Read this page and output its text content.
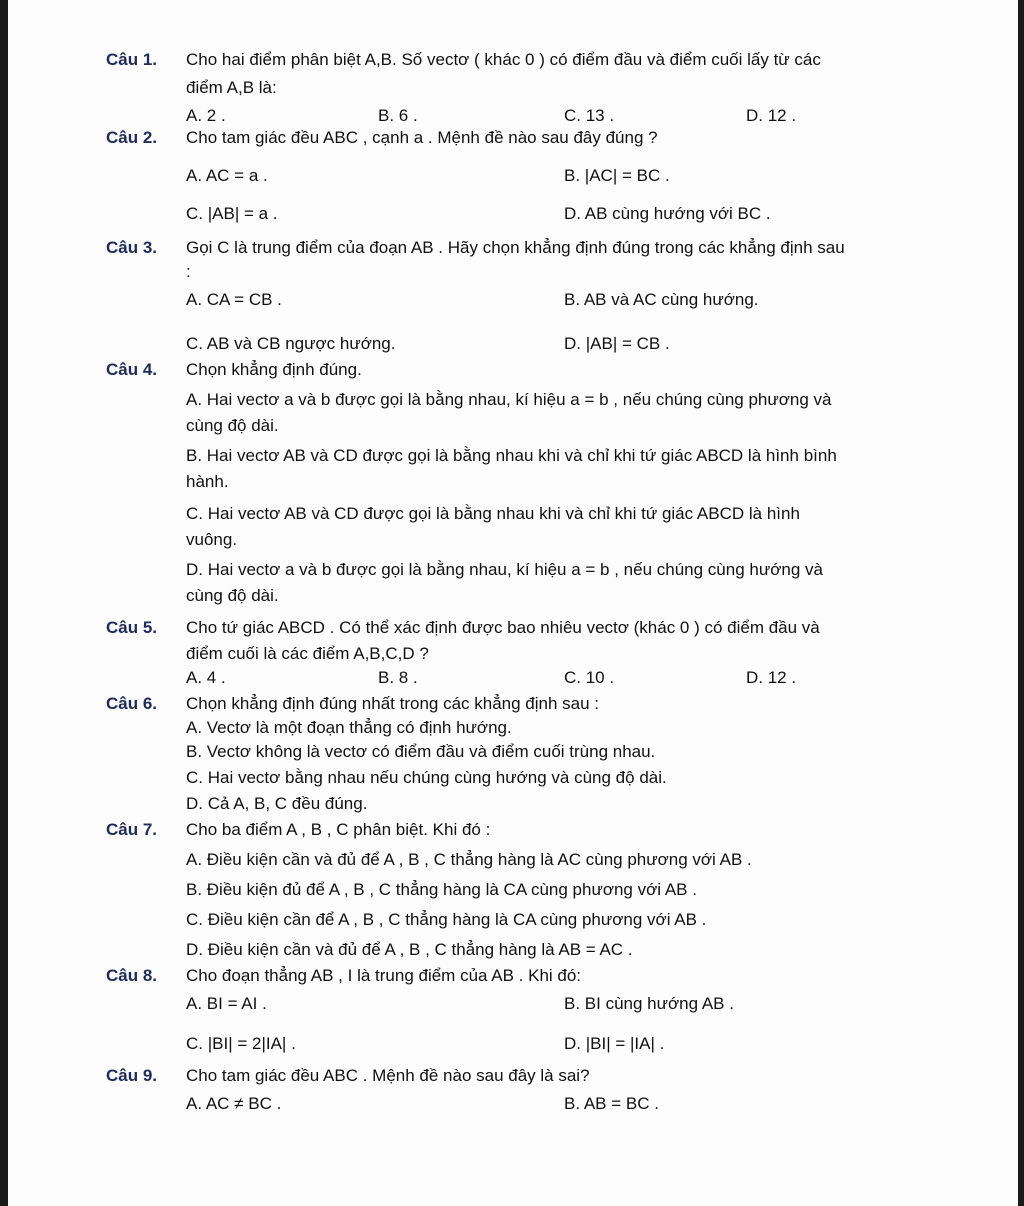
Câu 1. Cho hai điểm phân biệt A,B. Số vectơ ( khác 0 ) có điểm đầu và điểm cuối lấy từ các
điểm A,B là:
A. 2 .	B. 6 .	C. 13 .	D. 12 .
Câu 2. Cho tam giác đều ABC , cạnh a . Mệnh đề nào sau đây đúng ?
A. AC = a .	B. |AC| = BC .
C. |AB| = a .	D. AB cùng hướng với BC .
Câu 3. Gọi C là trung điểm của đoạn AB . Hãy chọn khẳng định đúng trong các khẳng định sau
:
A. CA = CB .	B. AB và AC cùng hướng.
C. AB và CB ngược hướng.	D. |AB| = CB .
Câu 4. Chọn khẳng định đúng.
A. Hai vectơ a và b được gọi là bằng nhau, kí hiệu a = b , nếu chúng cùng phương và
cùng độ dài.
B. Hai vectơ AB và CD được gọi là bằng nhau khi và chỉ khi tứ giác ABCD là hình bình
hành.
C. Hai vectơ AB và CD được gọi là bằng nhau khi và chỉ khi tứ giác ABCD là hình
vuông.
D. Hai vectơ a và b được gọi là bằng nhau, kí hiệu a = b , nếu chúng cùng hướng và
cùng độ dài.
Câu 5. Cho tứ giác ABCD . Có thể xác định được bao nhiêu vectơ (khác 0 ) có điểm đầu và
điểm cuối là các điểm A,B,C,D ?
A. 4 .	B. 8 .	C. 10 .	D. 12 .
Câu 6. Chọn khẳng định đúng nhất trong các khẳng định sau :
A. Vectơ là một đoạn thẳng có định hướng.
B. Vectơ không là vectơ có điểm đầu và điểm cuối trùng nhau.
C. Hai vectơ bằng nhau nếu chúng cùng hướng và cùng độ dài.
D. Cả A, B, C đều đúng.
Câu 7. Cho ba điểm A , B , C phân biệt. Khi đó :
A. Điều kiện cần và đủ để A , B , C thẳng hàng là AC cùng phương với AB .
B. Điều kiện đủ để A , B , C thẳng hàng là CA cùng phương với AB .
C. Điều kiện cần để A , B , C thẳng hàng là CA cùng phương với AB .
D. Điều kiện cần và đủ để A , B , C thẳng hàng là AB = AC .
Câu 8. Cho đoạn thẳng AB , I là trung điểm của AB . Khi đó:
A. BI = AI .	B. BI cùng hướng AB .
C. |BI| = 2|IA| .	D. |BI| = |IA| .
Câu 9. Cho tam giác đều ABC . Mệnh đề nào sau đây là sai?
A. AC ≠ BC .	B. AB = BC .
